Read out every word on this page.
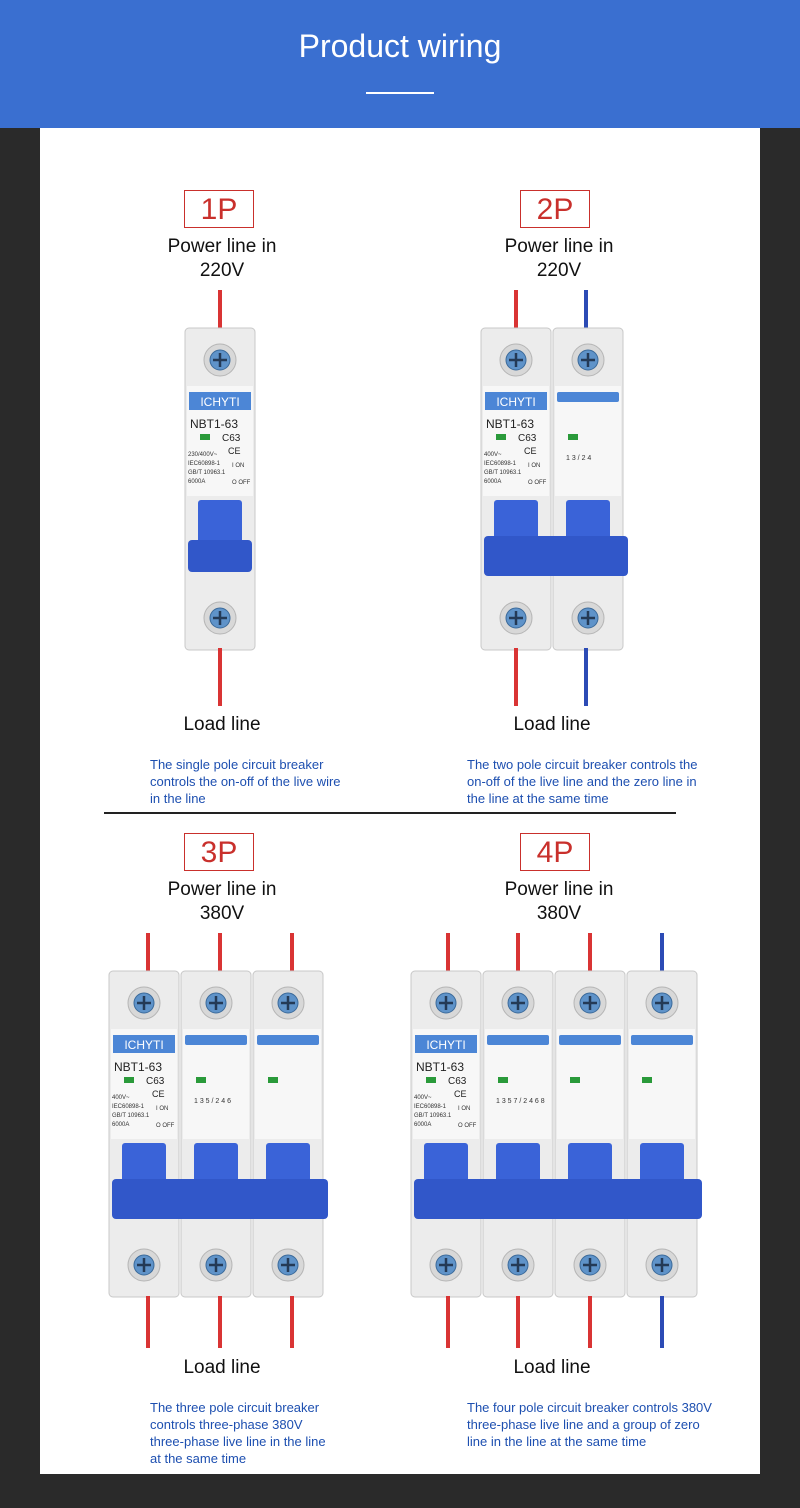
Product wiring
1P
Power line in
220V
ICHYTI
NBT1-63
C63
CE
230/400V~
IEC60898-1
GB/T 10963.1
6000A
I ON
O OFF
Load line
The single pole circuit breaker controls the on-off of the live wire in the line
2P
Power line in
220V
ICHYTI
NBT1-63
C63
CE
400V~
IEC60898-1
GB/T 10963.1
6000A
I ON
O OFF
1 3 / 2 4
Load line
The two pole circuit breaker controls the on-off of the live line and the zero line in the line at the same time
3P
Power line in
380V
ICHYTI
NBT1-63
C63
CE
400V~
IEC60898-1
GB/T 10963.1
6000A
I ON
O OFF
1 3 5 / 2 4 6
Load line
The three pole circuit breaker controls three-phase 380V three-phase live line in the line at the same time
4P
Power line in
380V
ICHYTI
NBT1-63
C63
CE
400V~
IEC60898-1
GB/T 10963.1
6000A
I ON
O OFF
1 3 5 7 / 2 4 6 8
Load line
The four pole circuit breaker controls 380V three-phase live line and a group of zero line in the line at the same time
